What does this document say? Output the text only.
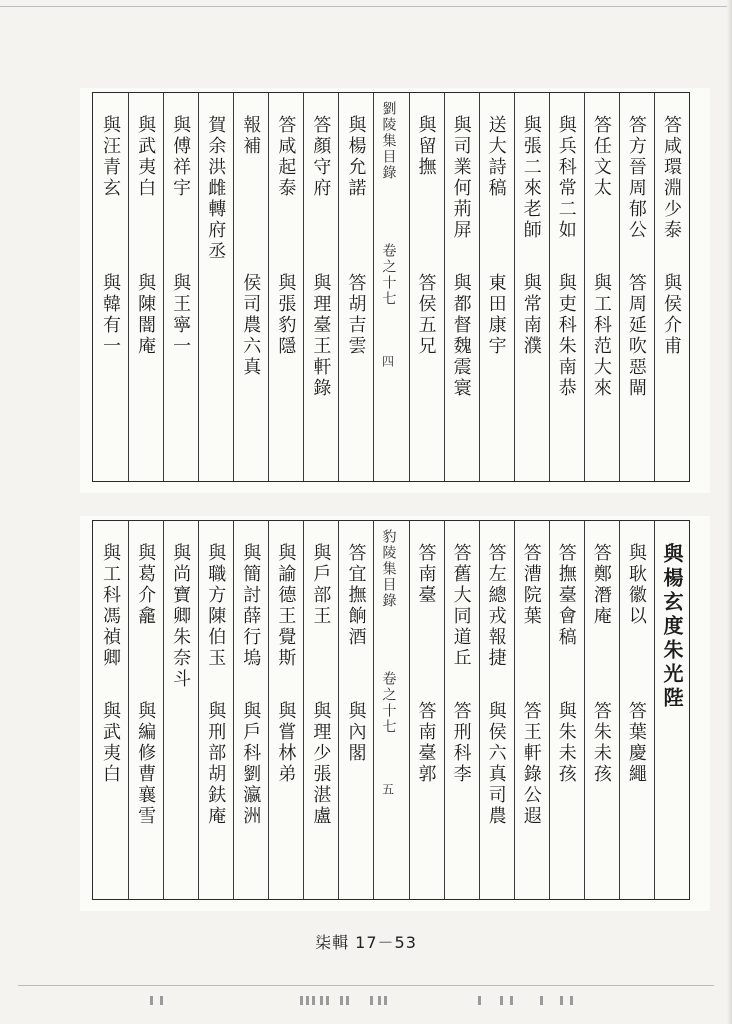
答咸環淵少泰
與侯介甫
答方晉周郁公
答周延吹惡閘
答任文太
與工科范大來
與兵科常二如
與吏科朱南恭
與張二來老師
與常南濮
送大詩稿
東田康宇
與司業何荊屏
與都督魏震寰
與留撫
答侯五兄
劉陵集目錄
卷之十七
四
與楊允諾
答胡吉雲
答顏守府
與理臺王軒錄
答咸起泰
與張豹隱
報補
侯司農六真
賀余洪雌轉府丞
與傅祥宇
與王寧一
與武夷白
與陳闇庵
與汪青玄
與韓有一
與楊玄度朱光陛
與耿徽以
答葉慶繩
答鄭潛庵
答朱未孩
答撫臺會稿
與朱未孩
答漕院葉
答王軒錄公遐
答左總戎報捷
與侯六真司農
答舊大同道丘
答刑科李
答南臺
答南臺郭
豹陵集目錄
卷之十七
五
答宜撫餉酒
與內閣
與戶部王
與理少張湛盧
與諭德王覺斯
與嘗林弟
與簡討薛行塢
與戶科劉瀛洲
與職方陳伯玉
與刑部胡鈇庵
與尚寶卿朱奈斗
與葛介龕
與編修曹襄雪
與工科馮禎卿
與武夷白
柒輯 17－53
